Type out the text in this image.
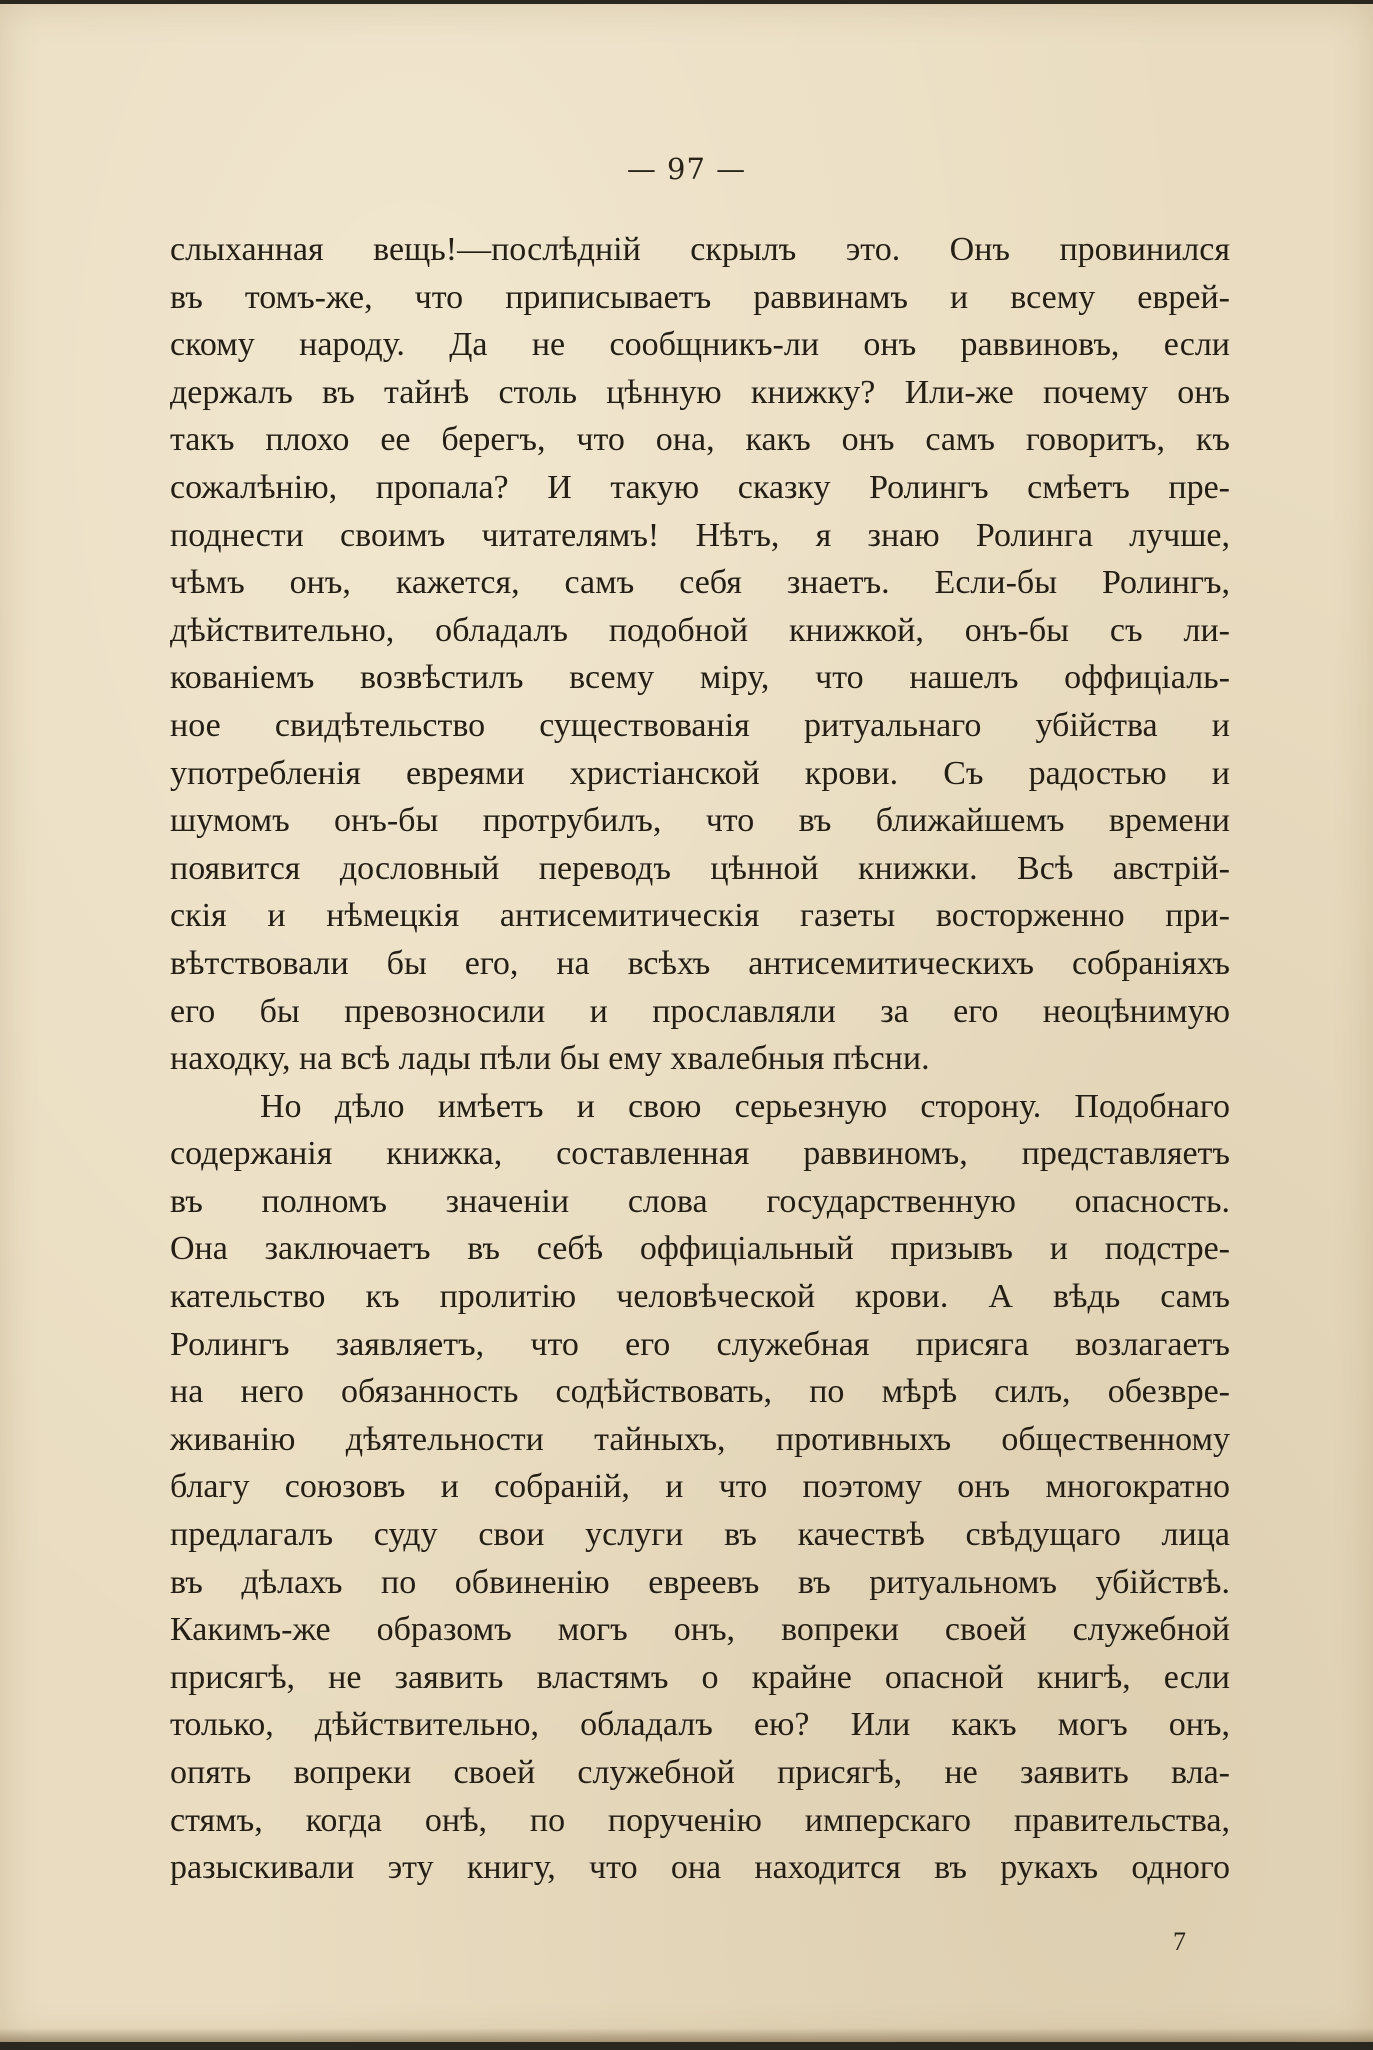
— 97 —
слыханная вещь!—послѣдній скрылъ это. Онъ провинился
въ томъ-же, что приписываетъ раввинамъ и всему еврей-
скому народу. Да не сообщникъ-ли онъ раввиновъ, если
держалъ въ тайнѣ столь цѣнную книжку? Или-же почему онъ
такъ плохо ее берегъ, что она, какъ онъ самъ говоритъ, къ
сожалѣнію, пропала? И такую сказку Ролингъ смѣетъ пре-
поднести своимъ читателямъ! Нѣтъ, я знаю Ролинга лучше,
чѣмъ онъ, кажется, самъ себя знаетъ. Если-бы Ролингъ,
дѣйствительно, обладалъ подобной книжкой, онъ-бы съ ли-
кованіемъ возвѣстилъ всему міру, что нашелъ оффиціаль-
ное свидѣтельство существованія ритуальнаго убійства и
употребленія евреями христіанской крови. Съ радостью и
шумомъ онъ-бы протрубилъ, что въ ближайшемъ времени
появится дословный переводъ цѣнной книжки. Всѣ австрій-
скія и нѣмецкія антисемитическія газеты восторженно при-
вѣтствовали бы его, на всѣхъ антисемитическихъ собраніяхъ
его бы превозносили и прославляли за его неоцѣнимую
находку, на всѣ лады пѣли бы ему хвалебныя пѣсни.
Но дѣло имѣетъ и свою серьезную сторону. Подобнаго
содержанія книжка, составленная раввиномъ, представляетъ
въ полномъ значеніи слова государственную опасность.
Она заключаетъ въ себѣ оффиціальный призывъ и подстре-
кательство къ пролитію человѣческой крови. А вѣдь самъ
Ролингъ заявляетъ, что его служебная присяга возлагаетъ
на него обязанность содѣйствовать, по мѣрѣ силъ, обезвре-
живанію дѣятельности тайныхъ, противныхъ общественному
благу союзовъ и собраній, и что поэтому онъ многократно
предлагалъ суду свои услуги въ качествѣ свѣдущаго лица
въ дѣлахъ по обвиненію евреевъ въ ритуальномъ убійствѣ.
Какимъ-же образомъ могъ онъ, вопреки своей служебной
присягѣ, не заявить властямъ о крайне опасной книгѣ, если
только, дѣйствительно, обладалъ ею? Или какъ могъ онъ,
опять вопреки своей служебной присягѣ, не заявить вла-
стямъ, когда онѣ, по порученію имперскаго правительства,
разыскивали эту книгу, что она находится въ рукахъ одного
7
